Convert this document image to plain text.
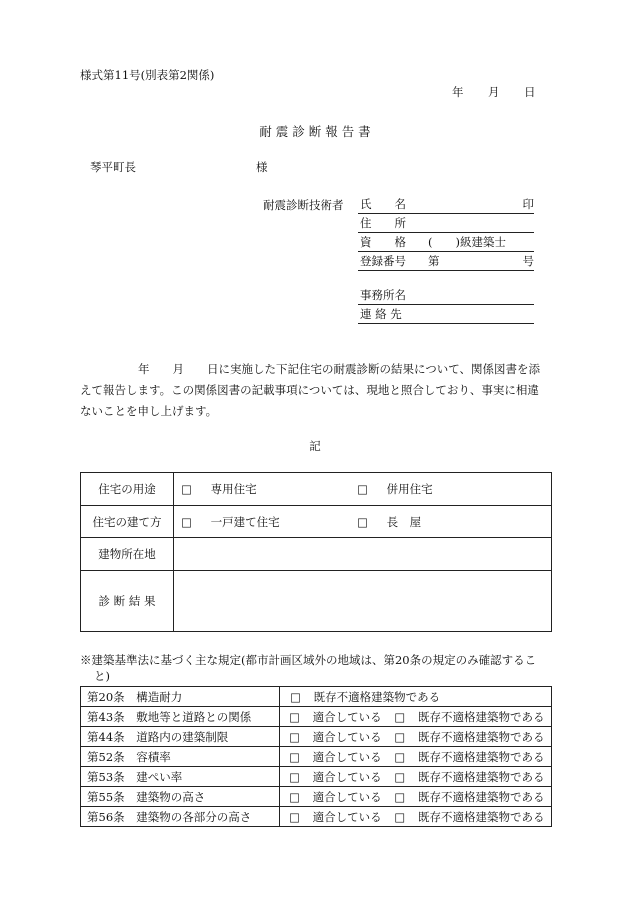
様式第11号(別表第2関係)
年 月 日
耐 震 診 断 報 告 書
琴平町長	様
耐震診断技術者 氏　　名	印
住　　所
資　　格 (　　)級建築士
登録番号 第	号
事務所名
連 絡 先
年　　月　　日に実施した下記住宅の耐震診断の結果について、関係図書を添
えて報告します。この関係図書の記載事項については、現地と照合しており、事実に相違
ないことを申し上げます。
記
住宅の用途	□ 専用住宅 □ 併用住宅

住宅の建て方	□ 一戸建て住宅 □ 長　屋

建物所在地	
診 断 結 果	
※建築基準法に基づく主な規定(都市計画区域外の地域は、第20条の規定のみ確認するこ
と)
第20条 構造耐力	□ 既存不適格建築物である
第43条 敷地等と道路との関係	□ 適合している □ 既存不適格建築物である
第44条 道路内の建築制限	□ 適合している □ 既存不適格建築物である
第52条 容積率	□ 適合している □ 既存不適格建築物である
第53条 建ぺい率	□ 適合している □ 既存不適格建築物である
第55条 建築物の高さ	□ 適合している □ 既存不適格建築物である
第56条 建築物の各部分の高さ	□ 適合している □ 既存不適格建築物である
